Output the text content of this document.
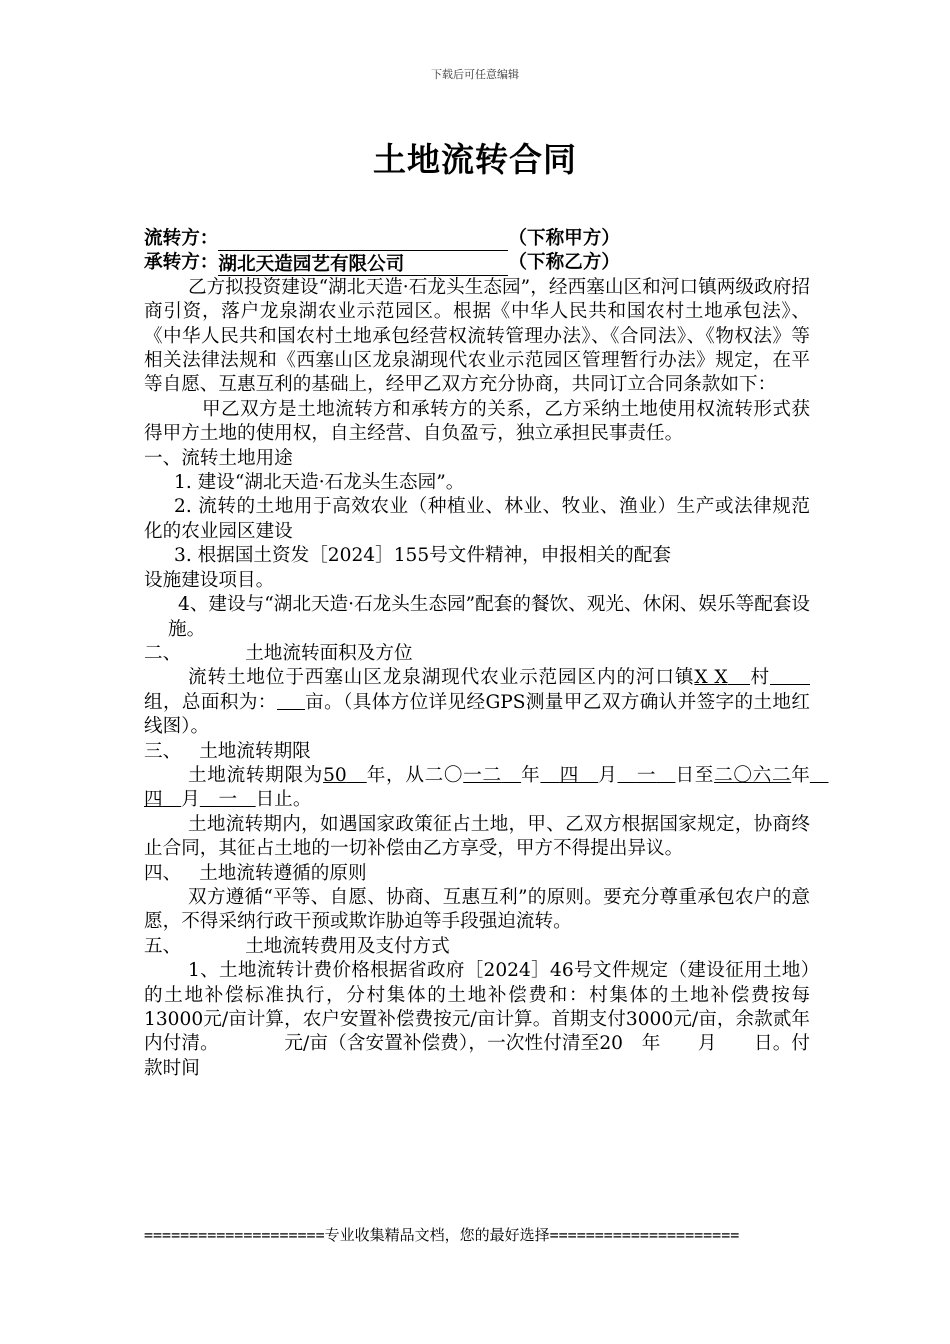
下载后可任意编辑
土地流转合同

流转方：	（下称甲方）

承转方：湖北天造园艺有限公司	（下称乙方）

乙方拟投资建设“湖北天造·石龙头生态园”，经西塞山区和河口镇两级政府招商引资，落户龙泉湖农业示范园区。根据《中华人民共和国农村土地承包法》、《中华人民共和国农村土地承包经营权流转管理办法》、《合同法》、《物权法》等相关法律法规和《西塞山区龙泉湖现代农业示范园区管理暂行办法》规定，在平等自愿、互惠互利的基础上，经甲乙双方充分协商，共同订立合同条款如下：

甲乙双方是土地流转方和承转方的关系，乙方采纳土地使用权流转形式获得甲方土地的使用权，自主经营、自负盈亏，独立承担民事责任。

一、流转土地用途

1. 建设“湖北天造·石龙头生态园”。

2. 流转的土地用于高效农业（种植业、林业、牧业、渔业）生产或法律规范化的农业园区建设

3. 根据国土资发［2024］155号文件精神，申报相关的配套

设施建设项目。

4、建设与“湖北天造·石龙头生态园”配套的餐饮、观光、休闲、娱乐等配套设施。

二、	土地流转面积及方位

流转土地位于西塞山区龙泉湖现代农业示范园区内的河口镇X X 村组，总面积为： 亩。（具体方位详见经GPS测量甲乙双方确认并签字的土地红线图）。

三、 土地流转期限

土地流转期限为50　 年，从二〇一二　 年　 四　 月　 一　 日至二〇六二年　四　 月　 一　 日止。

土地流转期内，如遇国家政策征占土地，甲、乙双方根据国家规定，协商终止合同，其征占土地的一切补偿由乙方享受，甲方不得提出异议。

四、 土地流转遵循的原则

双方遵循“平等、自愿、协商、互惠互利”的原则。要充分尊重承包农户的意愿，不得采纳行政干预或欺诈胁迫等手段强迫流转。

五、	土地流转费用及支付方式

1、土地流转计费价格根据省政府［2024］46号文件规定（建设征用土地）的土地补偿标准执行，分村集体的土地补偿费和：村集体的土地补偿费按每13000元/亩计算，农户安置补偿费按元/亩计算。首期支付3000元/亩，余款贰年内付清。　　　　元/亩（含安置补偿费），一次性付清至20　年　　月　　日。付款时间

====================专业收集精品文档，您的最好选择=====================
